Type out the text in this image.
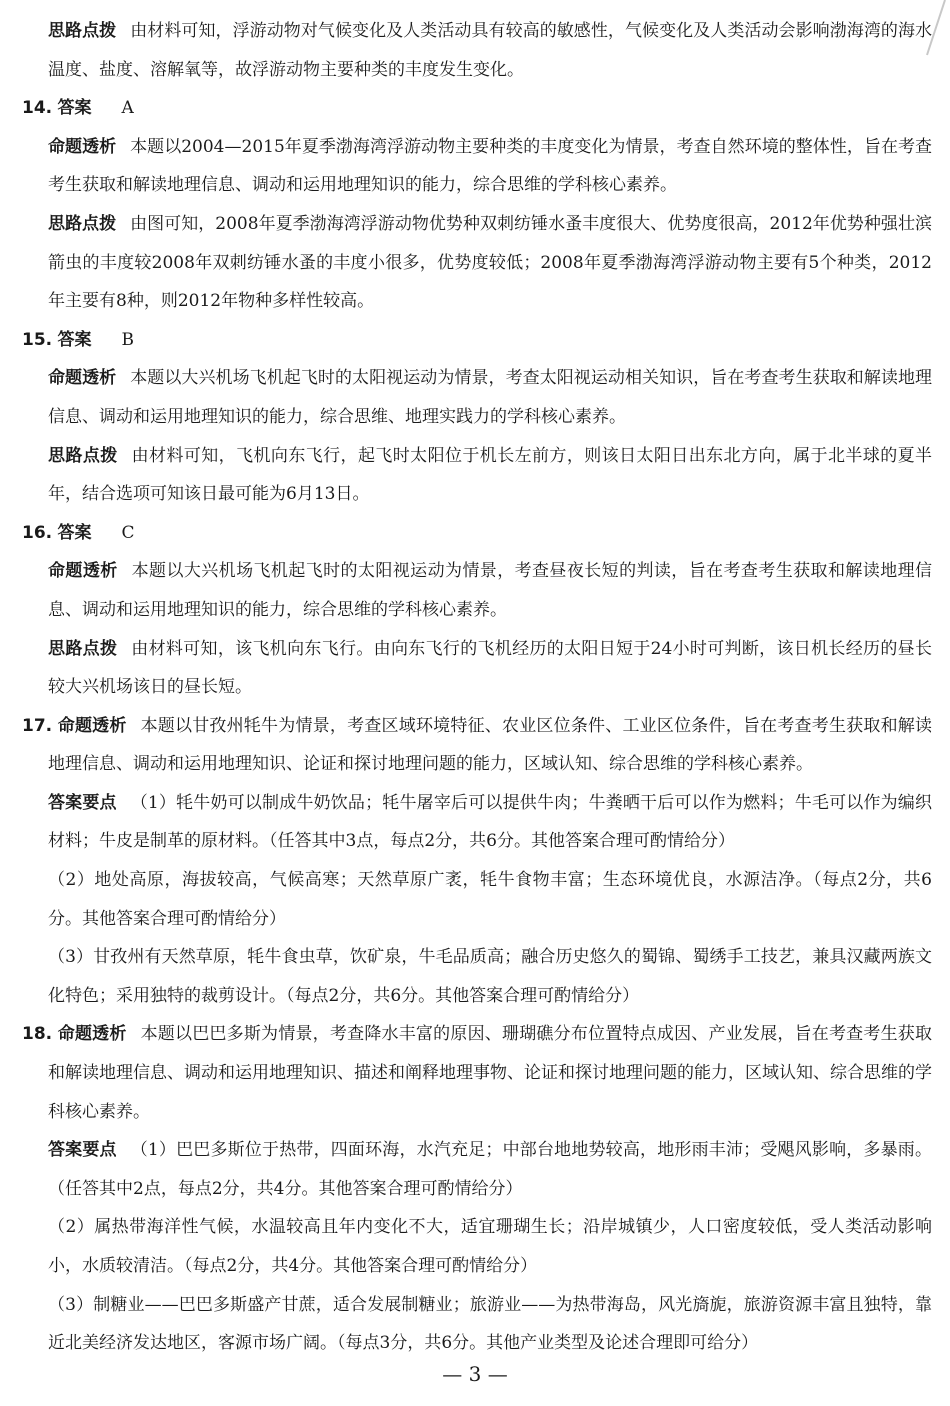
思路点拨 由材料可知，浮游动物对气候变化及人类活动具有较高的敏感性，气候变化及人类活动会影响渤海湾的海水温度、盐度、溶解氧等，故浮游动物主要种类的丰度发生变化。

14. 答案 A

命题透析 本题以2004—2015年夏季渤海湾浮游动物主要种类的丰度变化为情景，考查自然环境的整体性，旨在考查考生获取和解读地理信息、调动和运用地理知识的能力，综合思维的学科核心素养。

思路点拨 由图可知，2008年夏季渤海湾浮游动物优势种双刺纺锤水蚤丰度很大、优势度很高，2012年优势种强壮滨箭虫的丰度较2008年双刺纺锤水蚤的丰度小很多，优势度较低；2008年夏季渤海湾浮游动物主要有5个种类，2012年主要有8种，则2012年物种多样性较高。

15. 答案 B

命题透析 本题以大兴机场飞机起飞时的太阳视运动为情景，考查太阳视运动相关知识，旨在考查考生获取和解读地理信息、调动和运用地理知识的能力，综合思维、地理实践力的学科核心素养。

思路点拨 由材料可知，飞机向东飞行，起飞时太阳位于机长左前方，则该日太阳日出东北方向，属于北半球的夏半年，结合选项可知该日最可能为6月13日。

16. 答案 C

命题透析 本题以大兴机场飞机起飞时的太阳视运动为情景，考查昼夜长短的判读，旨在考查考生获取和解读地理信息、调动和运用地理知识的能力，综合思维的学科核心素养。

思路点拨 由材料可知，该飞机向东飞行。由向东飞行的飞机经历的太阳日短于24小时可判断，该日机长经历的昼长较大兴机场该日的昼长短。

17. 命题透析 本题以甘孜州牦牛为情景，考查区域环境特征、农业区位条件、工业区位条件，旨在考查考生获取和解读地理信息、调动和运用地理知识、论证和探讨地理问题的能力，区域认知、综合思维的学科核心素养。

答案要点 （1）牦牛奶可以制成牛奶饮品；牦牛屠宰后可以提供牛肉；牛粪晒干后可以作为燃料；牛毛可以作为编织材料；牛皮是制革的原材料。（任答其中3点，每点2分，共6分。其他答案合理可酌情给分）

（2）地处高原，海拔较高，气候高寒；天然草原广袤，牦牛食物丰富；生态环境优良，水源洁净。（每点2分，共6分。其他答案合理可酌情给分）

（3）甘孜州有天然草原，牦牛食虫草，饮矿泉，牛毛品质高；融合历史悠久的蜀锦、蜀绣手工技艺，兼具汉藏两族文化特色；采用独特的裁剪设计。（每点2分，共6分。其他答案合理可酌情给分）

18. 命题透析 本题以巴巴多斯为情景，考查降水丰富的原因、珊瑚礁分布位置特点成因、产业发展，旨在考查考生获取和解读地理信息、调动和运用地理知识、描述和阐释地理事物、论证和探讨地理问题的能力，区域认知、综合思维的学科核心素养。

答案要点 （1）巴巴多斯位于热带，四面环海，水汽充足；中部台地地势较高，地形雨丰沛；受飓风影响，多暴雨。（任答其中2点，每点2分，共4分。其他答案合理可酌情给分）

（2）属热带海洋性气候，水温较高且年内变化不大，适宜珊瑚生长；沿岸城镇少，人口密度较低，受人类活动影响小，水质较清洁。（每点2分，共4分。其他答案合理可酌情给分）

（3）制糖业——巴巴多斯盛产甘蔗，适合发展制糖业；旅游业——为热带海岛，风光旖旎，旅游资源丰富且独特，靠近北美经济发达地区，客源市场广阔。（每点3分，共6分。其他产业类型及论述合理即可给分）

— 3 —
